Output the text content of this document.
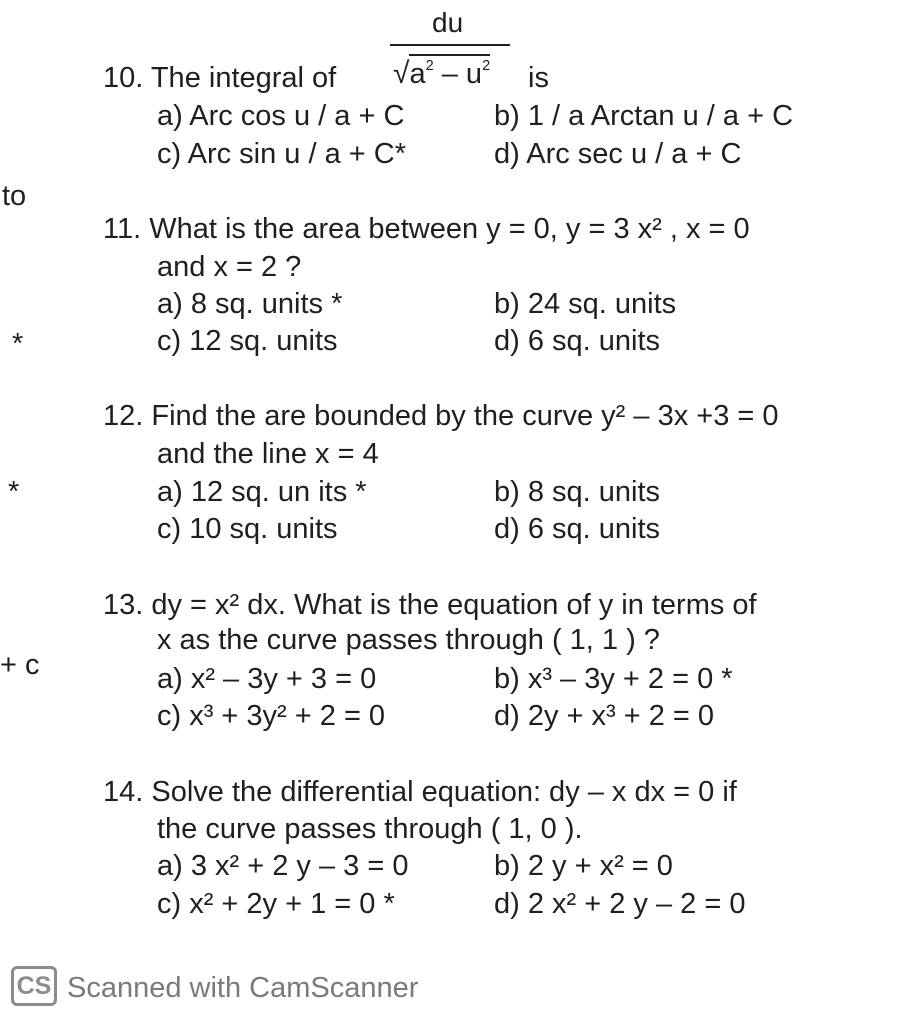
to
*
*
+ c
du
10. The integral of $√a^2 - u^2$ is
a) Arc cos u / a + C	b) 1 / a Arctan u / a + C
c) Arc sin u / a + C*	d) Arc sec u / a + C
11. What is the area between y = 0, y = 3 x² , x = 0
and x = 2 ?
a) 8 sq. units *	b) 24 sq. units
c) 12 sq. units	d) 6 sq. units
12. Find the are bounded by the curve y² – 3x +3 = 0
and the line x = 4
a) 12 sq. un its *	b) 8 sq. units
c) 10 sq. units	d) 6 sq. units
13. dy = x² dx. What is the equation of y in terms of
x as the curve passes through ( 1, 1 ) ?
a) x² – 3y + 3 = 0	b) x³ – 3y + 2 = 0 *
c) x³ + 3y² + 2 = 0	d) 2y + x³ + 2 = 0
14. Solve the differential equation: dy – x dx = 0 if
the curve passes through ( 1, 0 ).
a) 3 x² + 2 y – 3 = 0	b) 2 y + x² = 0
c) x² + 2y + 1 = 0 *	d) 2 x² + 2 y – 2 = 0
CS Scanned with CamScanner
